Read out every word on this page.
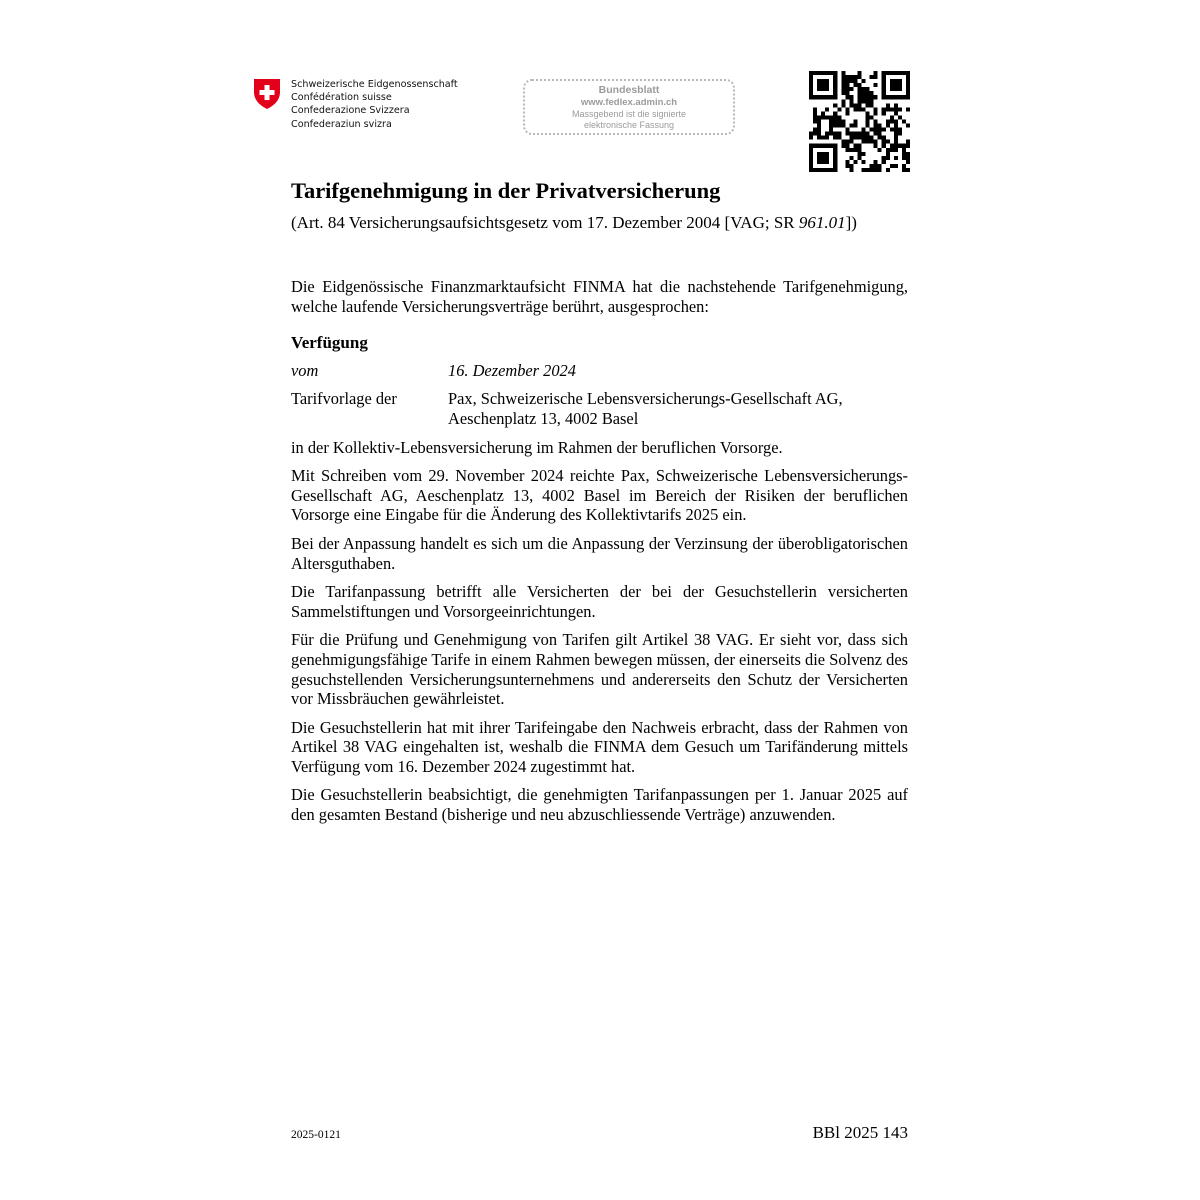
Schweizerische Eidgenossenschaft
Confédération suisse
Confederazione Svizzera
Confederaziun svizra
Bundesblatt
www.fedlex.admin.ch
Massgebend ist die signierte
elektronische Fassung
Tarifgenehmigung in der Privatversicherung
(Art. 84 Versicherungsaufsichtsgesetz vom 17. Dezember 2004 [VAG; SR 961.01])

Die Eidgenössische Finanzmarktaufsicht FINMA hat die nachstehende Tarifgenehmigung, welche laufende Versicherungsverträge berührt, ausgesprochen:

Verfügung
vom	16. Dezember 2024
Tarifvorlage der	Pax, Schweizerische Lebensversicherungs-Gesellschaft AG,
Aeschenplatz 13, 4002 Basel

in der Kollektiv-Lebensversicherung im Rahmen der beruflichen Vorsorge.

Mit Schreiben vom 29. November 2024 reichte Pax, Schweizerische Lebensversicherungs-Gesellschaft AG, Aeschenplatz 13, 4002 Basel im Bereich der Risiken der beruflichen Vorsorge eine Eingabe für die Änderung des Kollektivtarifs 2025 ein.

Bei der Anpassung handelt es sich um die Anpassung der Verzinsung der überobligatorischen Altersguthaben.

Die Tarifanpassung betrifft alle Versicherten der bei der Gesuchstellerin versicherten Sammelstiftungen und Vorsorgeeinrichtungen.

Für die Prüfung und Genehmigung von Tarifen gilt Artikel 38 VAG. Er sieht vor, dass sich genehmigungsfähige Tarife in einem Rahmen bewegen müssen, der einerseits die Solvenz des gesuchstellenden Versicherungsunternehmens und andererseits den Schutz der Versicherten vor Missbräuchen gewährleistet.

Die Gesuchstellerin hat mit ihrer Tarifeingabe den Nachweis erbracht, dass der Rahmen von Artikel 38 VAG eingehalten ist, weshalb die FINMA dem Gesuch um Tarifänderung mittels Verfügung vom 16. Dezember 2024 zugestimmt hat.

Die Gesuchstellerin beabsichtigt, die genehmigten Tarifanpassungen per 1. Januar 2025 auf den gesamten Bestand (bisherige und neu abzuschliessende Verträge) anzuwenden.

2025-0121	BBl 2025 143
